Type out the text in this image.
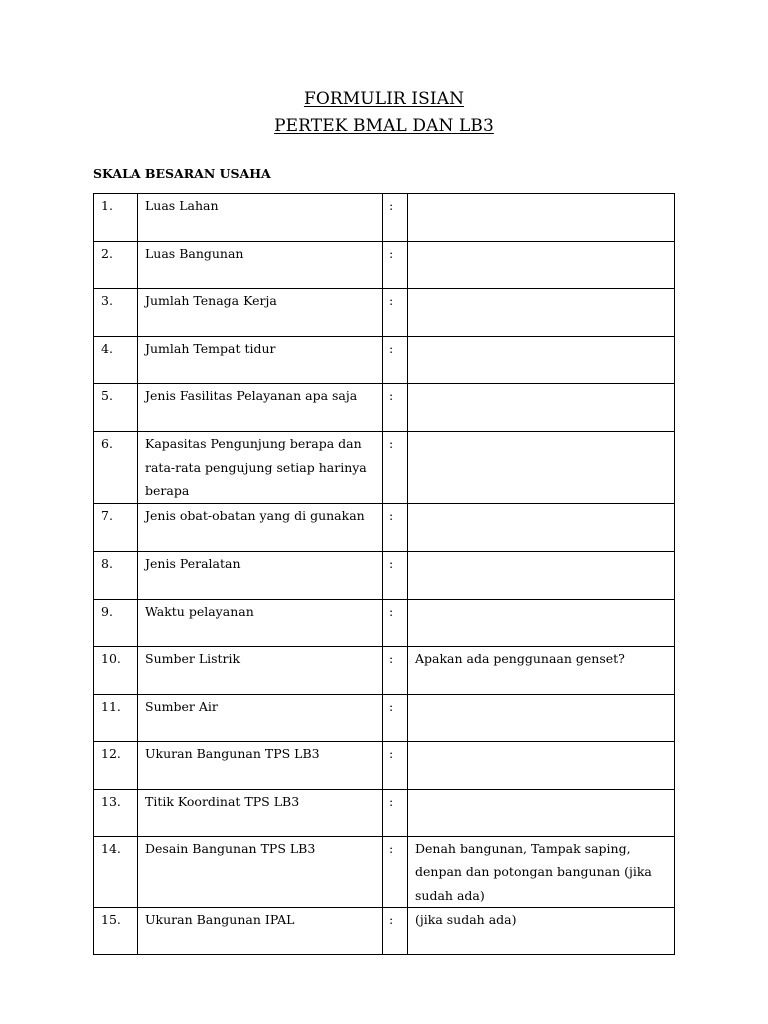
FORMULIR ISIAN
PERTEK BMAL DAN LB3
SKALA BESARAN USAHA
1.	Luas Lahan	:	
2.	Luas Bangunan	:	
3.	Jumlah Tenaga Kerja	:	
4.	Jumlah Tempat tidur	:	
5.	Jenis Fasilitas Pelayanan apa saja	:	
6.	Kapasitas Pengunjung berapa dan rata-rata pengujung setiap harinya berapa	:	
7.	Jenis obat-obatan yang di gunakan	:	
8.	Jenis Peralatan	:	
9.	Waktu pelayanan	:	
10.	Sumber Listrik	:	Apakan ada penggunaan genset?
11.	Sumber Air	:	
12.	Ukuran Bangunan TPS LB3	:	
13.	Titik Koordinat TPS LB3	:	
14.	Desain Bangunan TPS LB3	:	Denah bangunan, Tampak saping, denpan dan potongan bangunan (jika sudah ada)
15.	Ukuran Bangunan IPAL	:	(jika sudah ada)
